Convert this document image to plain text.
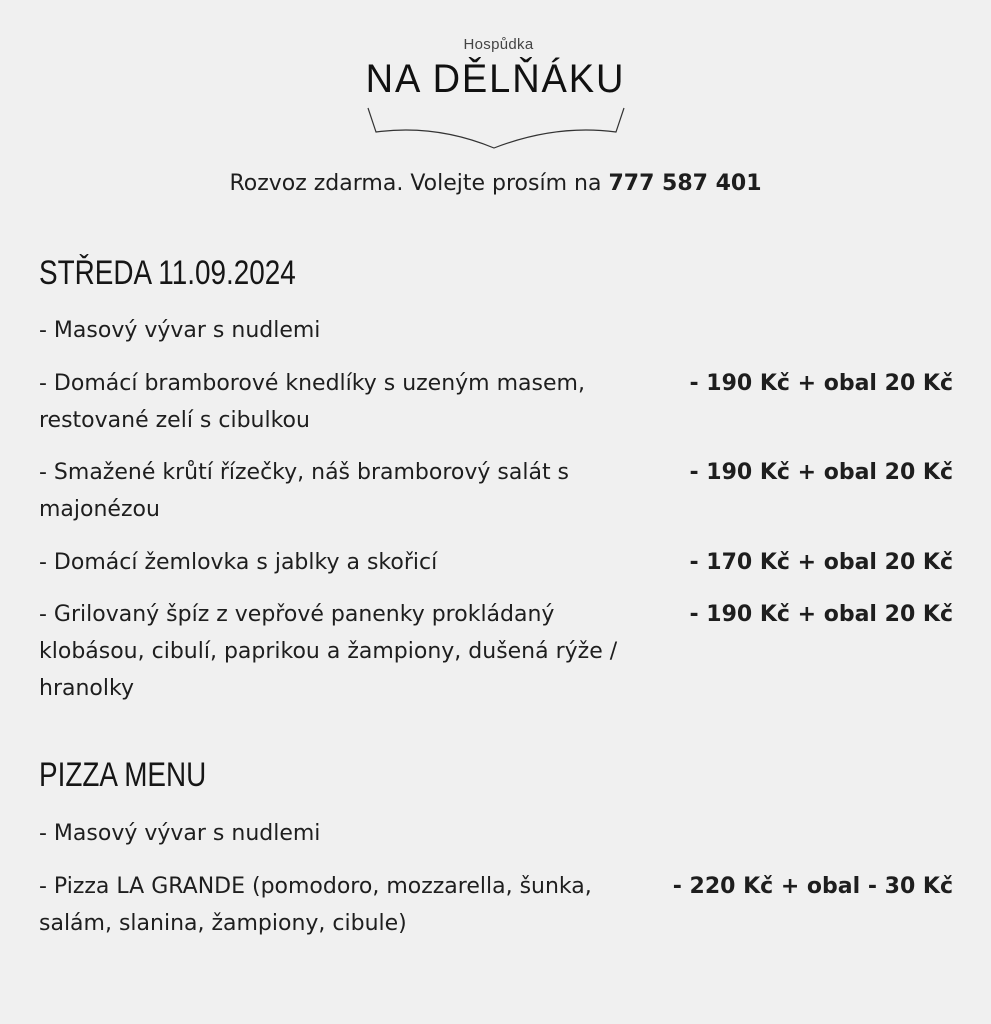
Hospůdka
NA DĚLŇÁKU
Rozvoz zdarma. Volejte prosím na 777 587 401
STŘEDA 11.09.2024
- Masový vývar s nudlemi
- Domácí bramborové knedlíky s uzeným masem, restované zelí s cibulkou
- 190 Kč + obal 20 Kč
- Smažené krůtí řízečky, náš bramborový salát s majonézou
- 190 Kč + obal 20 Kč
- Domácí žemlovka s jablky a skořicí	- 170 Kč + obal 20 Kč
- Grilovaný špíz z vepřové panenky prokládaný klobásou, cibulí, paprikou a žampiony, dušená rýže / hranolky
- 190 Kč + obal 20 Kč
PIZZA MENU
- Masový vývar s nudlemi
- Pizza LA GRANDE (pomodoro, mozzarella, šunka, salám, slanina, žampiony, cibule)
- 220 Kč + obal - 30 Kč
